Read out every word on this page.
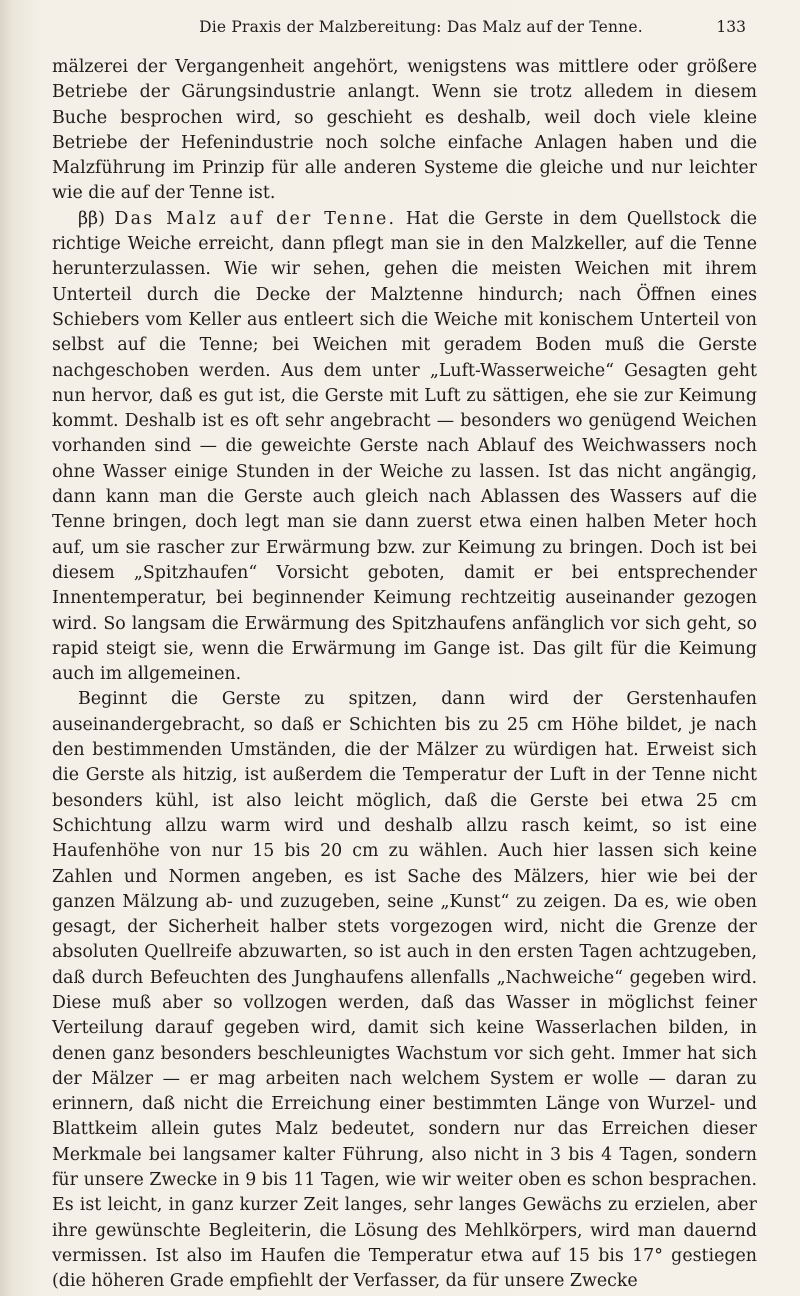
Die Praxis der Malzbereitung: Das Malz auf der Tenne.	133

mälzerei der Vergangenheit angehört, wenigstens was mittlere oder größere Betriebe der Gärungsindustrie anlangt. Wenn sie trotz alledem in diesem Buche besprochen wird, so geschieht es deshalb, weil doch viele kleine Betriebe der Hefenindustrie noch solche einfache Anlagen haben und die Malzführung im Prinzip für alle anderen Systeme die gleiche und nur leichter wie die auf der Tenne ist.

ββ) Das Malz auf der Tenne. Hat die Gerste in dem Quellstock die richtige Weiche erreicht, dann pflegt man sie in den Malzkeller, auf die Tenne herunterzulassen. Wie wir sehen, gehen die meisten Weichen mit ihrem Unterteil durch die Decke der Malztenne hindurch; nach Öffnen eines Schiebers vom Keller aus entleert sich die Weiche mit konischem Unterteil von selbst auf die Tenne; bei Weichen mit geradem Boden muß die Gerste nachgeschoben werden. Aus dem unter „Luft-Wasserweiche“ Gesagten geht nun hervor, daß es gut ist, die Gerste mit Luft zu sättigen, ehe sie zur Keimung kommt. Deshalb ist es oft sehr angebracht — besonders wo genügend Weichen vorhanden sind — die geweichte Gerste nach Ablauf des Weichwassers noch ohne Wasser einige Stunden in der Weiche zu lassen. Ist das nicht angängig, dann kann man die Gerste auch gleich nach Ablassen des Wassers auf die Tenne bringen, doch legt man sie dann zuerst etwa einen halben Meter hoch auf, um sie rascher zur Erwärmung bzw. zur Keimung zu bringen. Doch ist bei diesem „Spitzhaufen“ Vorsicht geboten, damit er bei entsprechender Innentemperatur, bei beginnender Keimung rechtzeitig auseinander gezogen wird. So langsam die Erwärmung des Spitzhaufens anfänglich vor sich geht, so rapid steigt sie, wenn die Erwärmung im Gange ist. Das gilt für die Keimung auch im allgemeinen.

Beginnt die Gerste zu spitzen, dann wird der Gerstenhaufen auseinandergebracht, so daß er Schichten bis zu 25 cm Höhe bildet, je nach den bestimmenden Umständen, die der Mälzer zu würdigen hat. Erweist sich die Gerste als hitzig, ist außerdem die Temperatur der Luft in der Tenne nicht besonders kühl, ist also leicht möglich, daß die Gerste bei etwa 25 cm Schichtung allzu warm wird und deshalb allzu rasch keimt, so ist eine Haufenhöhe von nur 15 bis 20 cm zu wählen. Auch hier lassen sich keine Zahlen und Normen angeben, es ist Sache des Mälzers, hier wie bei der ganzen Mälzung ab- und zuzugeben, seine „Kunst“ zu zeigen. Da es, wie oben gesagt, der Sicherheit halber stets vorgezogen wird, nicht die Grenze der absoluten Quellreife abzuwarten, so ist auch in den ersten Tagen achtzugeben, daß durch Befeuchten des Junghaufens allenfalls „Nachweiche“ gegeben wird. Diese muß aber so vollzogen werden, daß das Wasser in möglichst feiner Verteilung darauf gegeben wird, damit sich keine Wasserlachen bilden, in denen ganz besonders beschleunigtes Wachstum vor sich geht. Immer hat sich der Mälzer — er mag arbeiten nach welchem System er wolle — daran zu erinnern, daß nicht die Erreichung einer bestimmten Länge von Wurzel- und Blattkeim allein gutes Malz bedeutet, sondern nur das Erreichen dieser Merkmale bei langsamer kalter Führung, also nicht in 3 bis 4 Tagen, sondern für unsere Zwecke in 9 bis 11 Tagen, wie wir weiter oben es schon besprachen. Es ist leicht, in ganz kurzer Zeit langes, sehr langes Gewächs zu erzielen, aber ihre gewünschte Begleiterin, die Lösung des Mehlkörpers, wird man dauernd vermissen. Ist also im Haufen die Temperatur etwa auf 15 bis 17° gestiegen (die höheren Grade empfiehlt der Verfasser, da für unsere Zwecke
